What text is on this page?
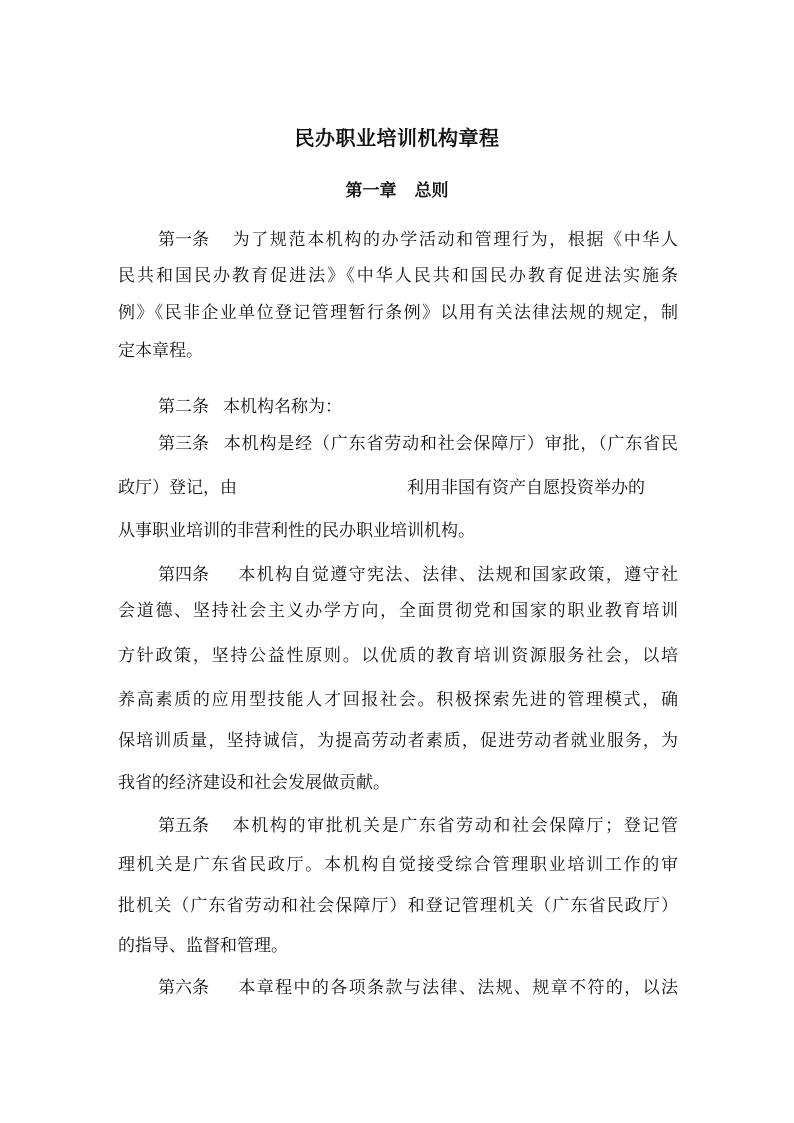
民办职业培训机构章程
第一章 总则
第一条 为了规范本机构的办学活动和管理行为，根据《中华人
民共和国民办教育促进法》《中华人民共和国民办教育促进法实施条
例》《民非企业单位登记管理暂行条例》以用有关法律法规的规定，制
定本章程。
第二条 本机构名称为：
第三条 本机构是经（广东省劳动和社会保障厅）审批，（广东省民
政厅）登记，由	利用非国有资产自愿投资举办的
从事职业培训的非营利性的民办职业培训机构。
第四条 本机构自觉遵守宪法、法律、法规和国家政策，遵守社
会道德、坚持社会主义办学方向，全面贯彻党和国家的职业教育培训
方针政策，坚持公益性原则。以优质的教育培训资源服务社会，以培
养高素质的应用型技能人才回报社会。积极探索先进的管理模式，确
保培训质量，坚持诚信，为提高劳动者素质，促进劳动者就业服务，为
我省的经济建设和社会发展做贡献。
第五条 本机构的审批机关是广东省劳动和社会保障厅；登记管
理机关是广东省民政厅。本机构自觉接受综合管理职业培训工作的审
批机关（广东省劳动和社会保障厅）和登记管理机关（广东省民政厅）
的指导、监督和管理。
第六条 本章程中的各项条款与法律、法规、规章不符的，以法
